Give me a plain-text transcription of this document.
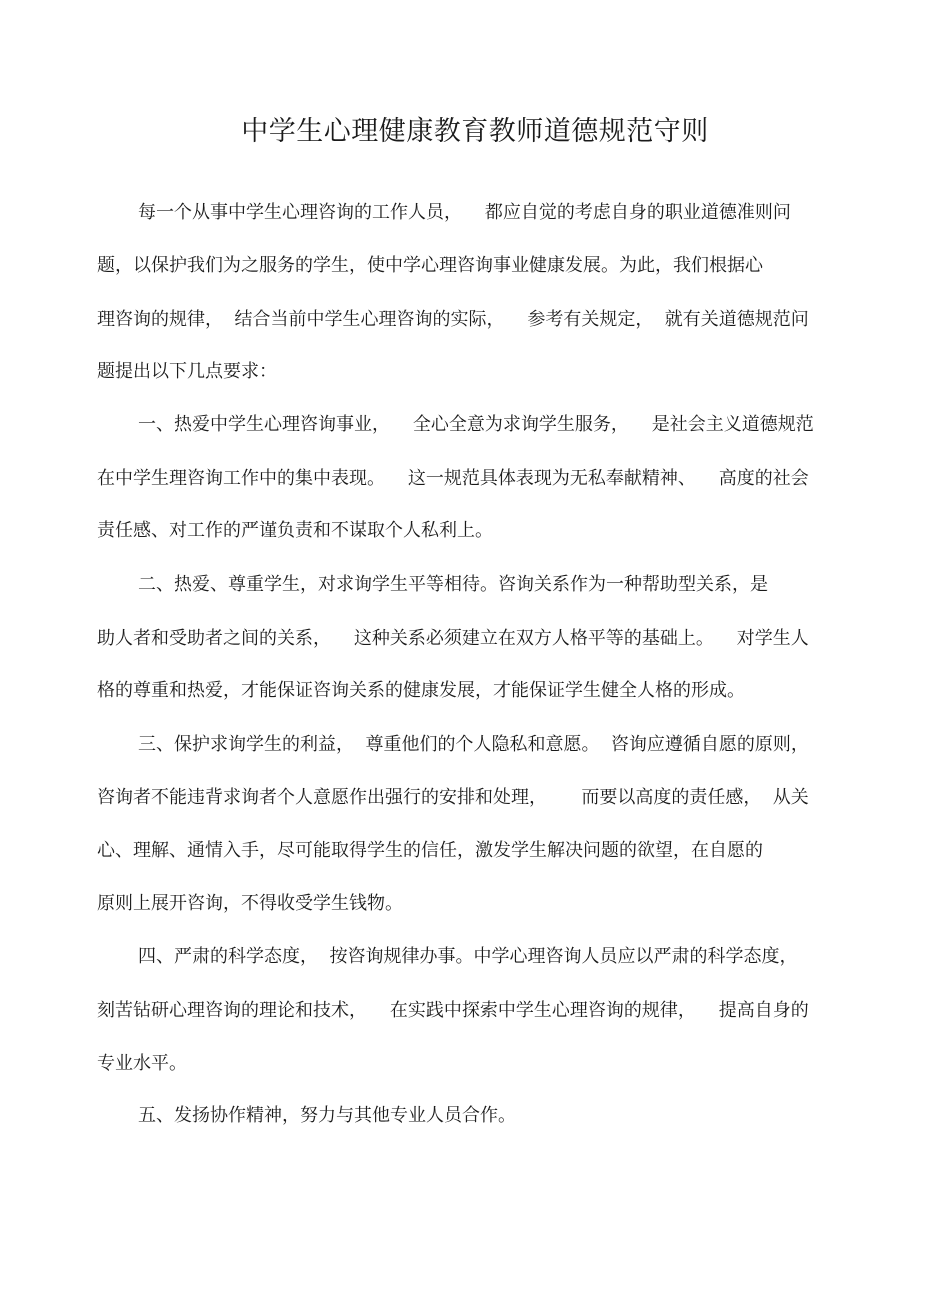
中学生心理健康教育教师道德规范守则
每一个从事中学生心理咨询的工作人员，    都应自觉的考虑自身的职业道德准则问
题，以保护我们为之服务的学生，使中学心理咨询事业健康发展。为此，我们根据心
理咨询的规律，  结合当前中学生心理咨询的实际，    参考有关规定，  就有关道德规范问
题提出以下几点要求：
一、热爱中学生心理咨询事业，    全心全意为求询学生服务，    是社会主义道德规范
在中学生理咨询工作中的集中表现。    这一规范具体表现为无私奉献精神、    高度的社会
责任感、对工作的严谨负责和不谋取个人私利上。
二、热爱、尊重学生，对求询学生平等相待。咨询关系作为一种帮助型关系，是
助人者和受助者之间的关系，    这种关系必须建立在双方人格平等的基础上。    对学生人
格的尊重和热爱，才能保证咨询关系的健康发展，才能保证学生健全人格的形成。
三、保护求询学生的利益，  尊重他们的个人隐私和意愿。  咨询应遵循自愿的原则，
咨询者不能违背求询者个人意愿作出强行的安排和处理，      而要以高度的责任感，  从关
心、理解、通情入手，尽可能取得学生的信任，激发学生解决问题的欲望，在自愿的
原则上展开咨询，不得收受学生钱物。
四、严肃的科学态度，  按咨询规律办事。中学心理咨询人员应以严肃的科学态度，
刻苦钻研心理咨询的理论和技术，    在实践中探索中学生心理咨询的规律，    提高自身的
专业水平。
五、发扬协作精神，努力与其他专业人员合作。
